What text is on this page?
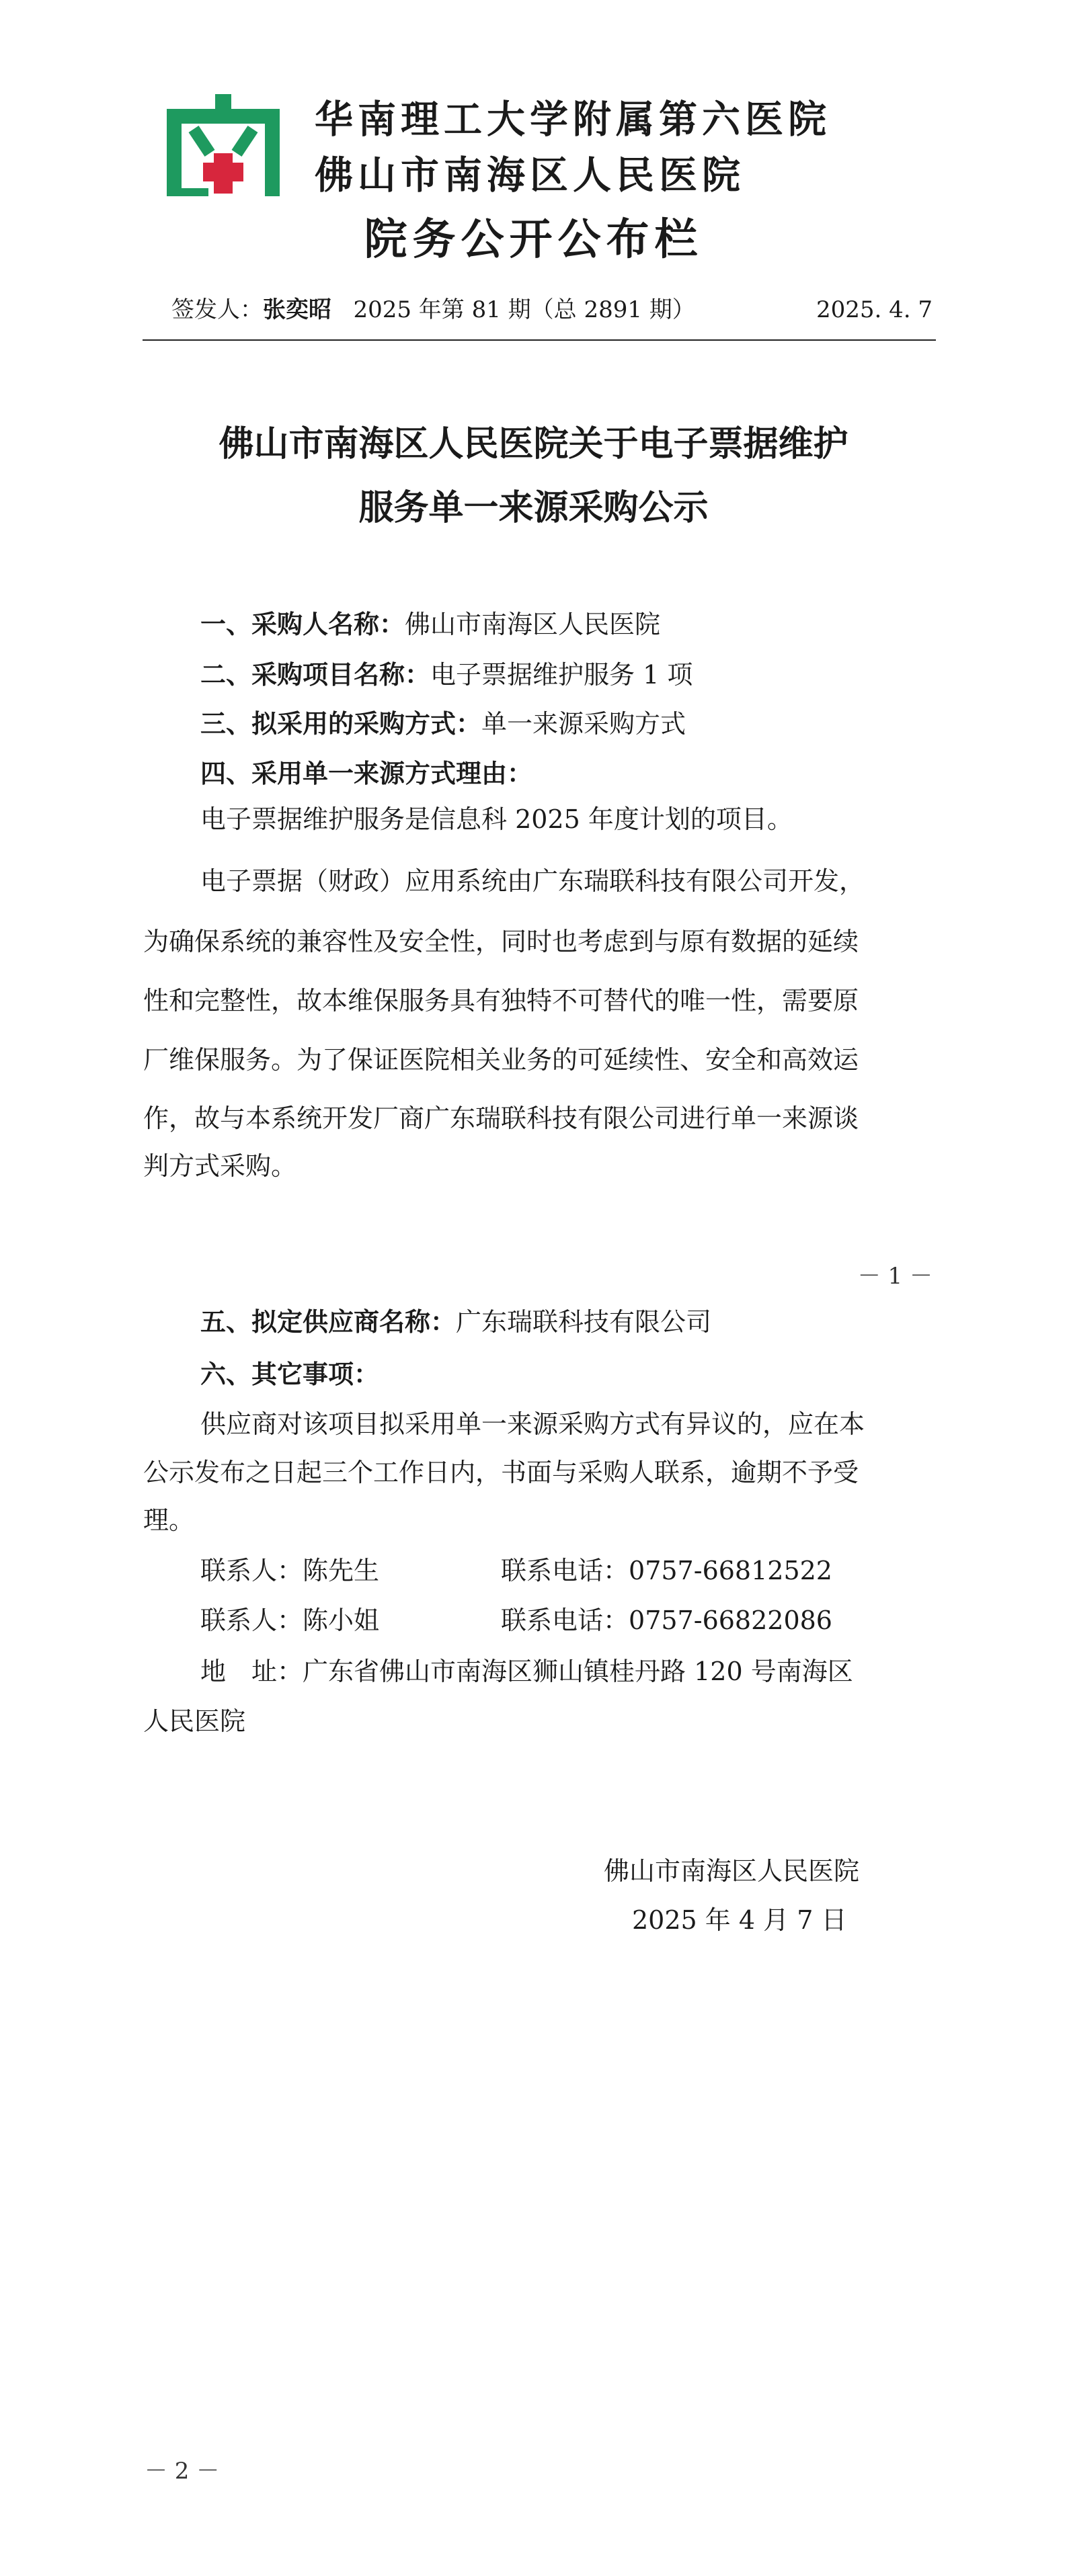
华南理工大学附属第六医院
佛山市南海区人民医院
院务公开公布栏
签发人：张奕昭 2025 年第 81 期（总 2891 期）	2025. 4. 7
佛山市南海区人民医院关于电子票据维护
服务单一来源采购公示
一、采购人名称：佛山市南海区人民医院
二、采购项目名称：电子票据维护服务 1 项
三、拟采用的采购方式：单一来源采购方式
四、采用单一来源方式理由：
电子票据维护服务是信息科 2025 年度计划的项目。
电子票据（财政）应用系统由广东瑞联科技有限公司开发，
为确保系统的兼容性及安全性，同时也考虑到与原有数据的延续
性和完整性，故本维保服务具有独特不可替代的唯一性，需要原
厂维保服务。为了保证医院相关业务的可延续性、安全和高效运
作，故与本系统开发厂商广东瑞联科技有限公司进行单一来源谈
判方式采购。
－ 1 －
五、拟定供应商名称：广东瑞联科技有限公司
六、其它事项：
供应商对该项目拟采用单一来源采购方式有异议的，应在本
公示发布之日起三个工作日内，书面与采购人联系，逾期不予受
理。
联系人：陈先生	联系电话：0757-66812522
联系人：陈小姐	联系电话：0757-66822086
地　址：广东省佛山市南海区狮山镇桂丹路 120 号南海区
人民医院
佛山市南海区人民医院
2025 年 4 月 7 日
－ 2 －
